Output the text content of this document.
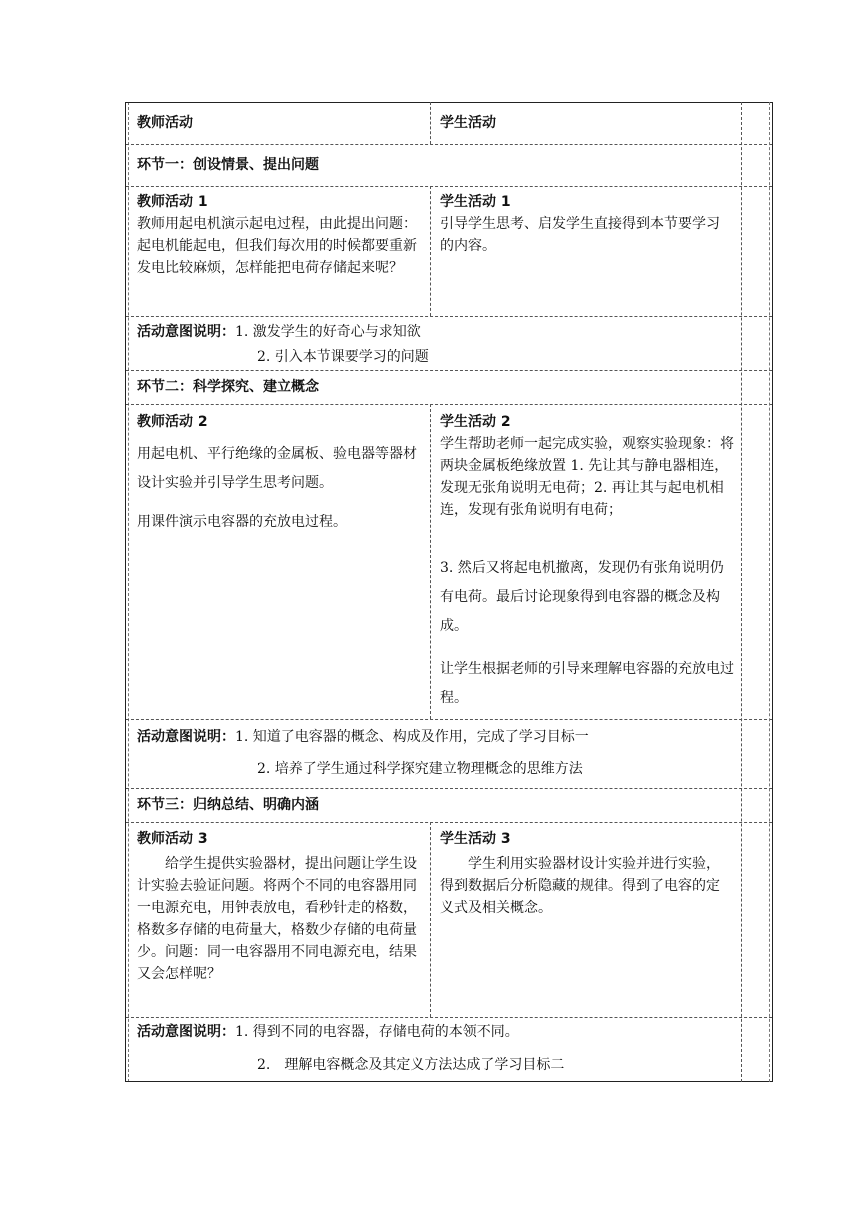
教师活动	学生活动
环节一：创设情景、提出问题
教师活动 1
教师用起电机演示起电过程，由此提出问题：起电机能起电，但我们每次用的时候都要重新发电比较麻烦，怎样能把电荷存储起来呢？
学生活动 1
引导学生思考、启发学生直接得到本节要学习的内容。
活动意图说明：1. 激发学生的好奇心与求知欲
2. 引入本节课要学习的问题
环节二：科学探究、建立概念
教师活动 2
用起电机、平行绝缘的金属板、验电器等器材设计实验并引导学生思考问题。
用课件演示电容器的充放电过程。
学生活动 2
学生帮助老师一起完成实验，观察实验现象：将两块金属板绝缘放置 1. 先让其与静电器相连，发现无张角说明无电荷；2. 再让其与起电机相连，发现有张角说明有电荷；
3. 然后又将起电机撤离，发现仍有张角说明仍有电荷。最后讨论现象得到电容器的概念及构成。
让学生根据老师的引导来理解电容器的充放电过程。
活动意图说明：1. 知道了电容器的概念、构成及作用，完成了学习目标一
2. 培养了学生通过科学探究建立物理概念的思维方法
环节三：归纳总结、明确内涵
教师活动 3
给学生提供实验器材，提出问题让学生设计实验去验证问题。将两个不同的电容器用同一电源充电，用钟表放电，看秒针走的格数，格数多存储的电荷量大，格数少存储的电荷量少。问题：同一电容器用不同电源充电，结果又会怎样呢？
学生活动 3
学生利用实验器材设计实验并进行实验，得到数据后分析隐藏的规律。得到了电容的定义式及相关概念。
活动意图说明：1. 得到不同的电容器，存储电荷的本领不同。
2.　理解电容概念及其定义方法达成了学习目标二
